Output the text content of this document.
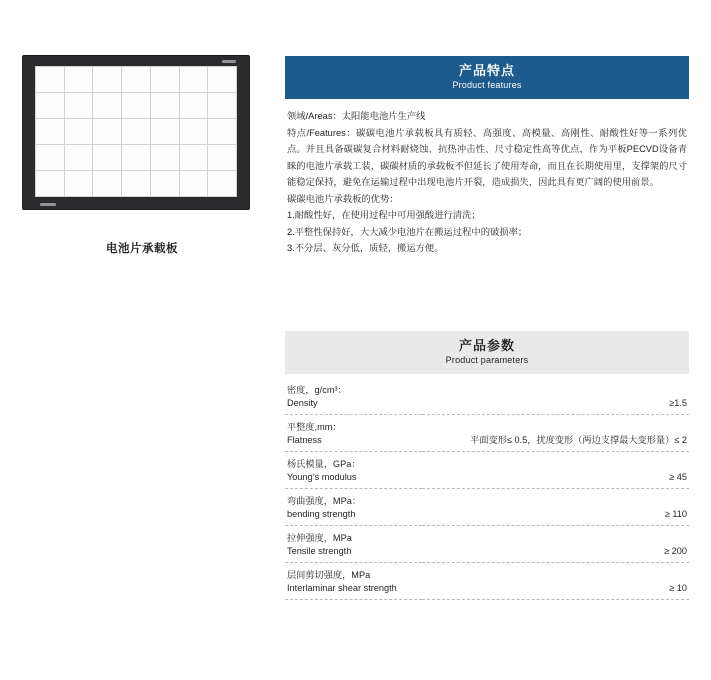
电池片承载板
产品特点
Product features

领域/Areas：太阳能电池片生产线

特点/Features：碳碳电池片承载板具有质轻、高强度、高模量、高刚性、耐酸性好等一系列优点。并且具备碳碳复合材料耐烧蚀、抗热冲击性、尺寸稳定性高等优点，作为平板PECVD设备青睐的电池片承载工装，碳碳材质的承载板不但延长了使用寿命，而且在长期使用里，支撑架的尺寸能稳定保持，避免在运输过程中出现电池片开裂，造成损失，因此具有更广阔的使用前景。

碳碳电池片承载板的优势：

1.耐酸性好，在使用过程中可用强酸进行清洗；

2.平整性保持好，大大减少电池片在搬运过程中的破损率；

3.不分层、灰分低，质轻，搬运方便。

产品参数
Product parameters
密度，g/cm³：
Density	≥1.5

平整度,mm：
Flatness	平面变形≤ 0.5，扰度变形（两边支撑最大变形量）≤ 2

杨氏模量，GPa：
Young’s modulus	≥ 45

弯曲强度，MPa：
bending strength	≥ 110

拉伸强度，MPa
Tensile strength	≥ 200

层间剪切强度，MPa
Interlaminar shear strength	≥ 10
